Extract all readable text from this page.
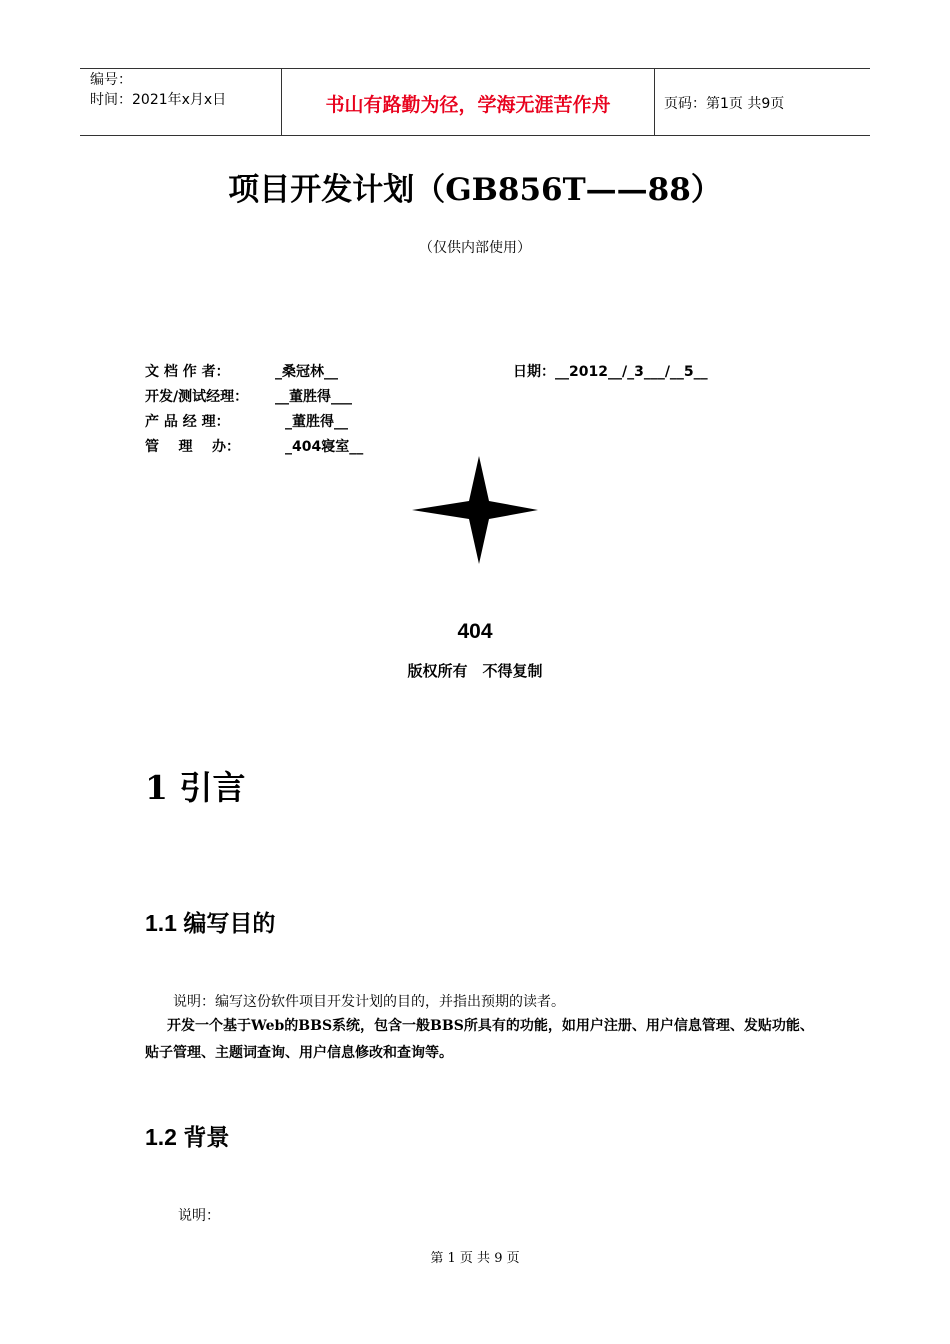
编号：
时间：2021年x月x日	书山有路勤为径，学海无涯苦作舟	页码：第1页 共9页
项目开发计划（GB856T——88）
（仅供内部使用）
文 档 作 者：	_桑冠林__	日期：__2012__/_3___/__5__
开发/测试经理： __董胜得___
产 品 经 理：	_董胜得__
管    理    办：	_404寝室__
404
版权所有　不得复制
1 引言
1.1 编写目的
说明：编写这份软件项目开发计划的目的，并指出预期的读者。
开发一个基于Web的BBS系统，包含一般BBS所具有的功能，如用户注册、用户信息管理、发贴功能、贴子管理、主题词查询、用户信息修改和查询等。
1.2 背景
说明：
第 1 页 共 9 页
